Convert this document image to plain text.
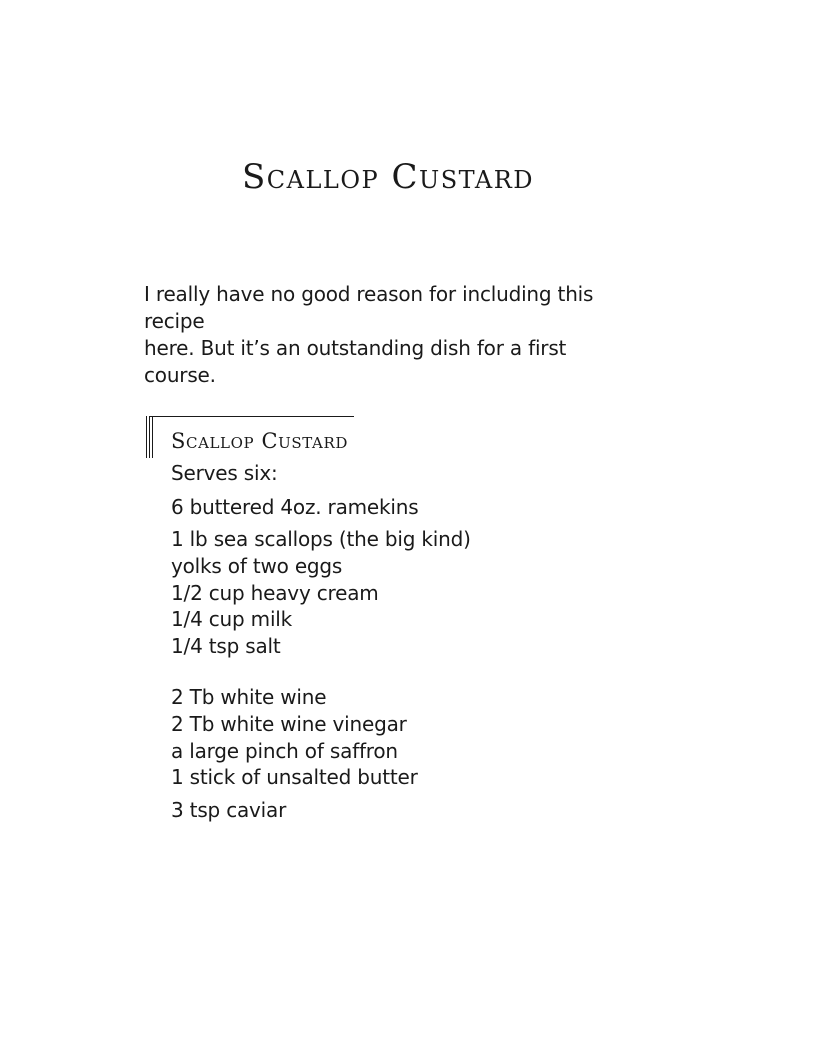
Scallop Custard

I really have no good reason for including this recipe
here. But it’s an outstanding dish for a first course.

Scallop Custard
Serves six:
6 buttered 4oz. ramekins
1 lb sea scallops (the big kind)
yolks of two eggs
1/2 cup heavy cream
1/4 cup milk
1/4 tsp salt
2 Tb white wine
2 Tb white wine vinegar
a large pinch of saffron
1 stick of unsalted butter
3 tsp caviar
